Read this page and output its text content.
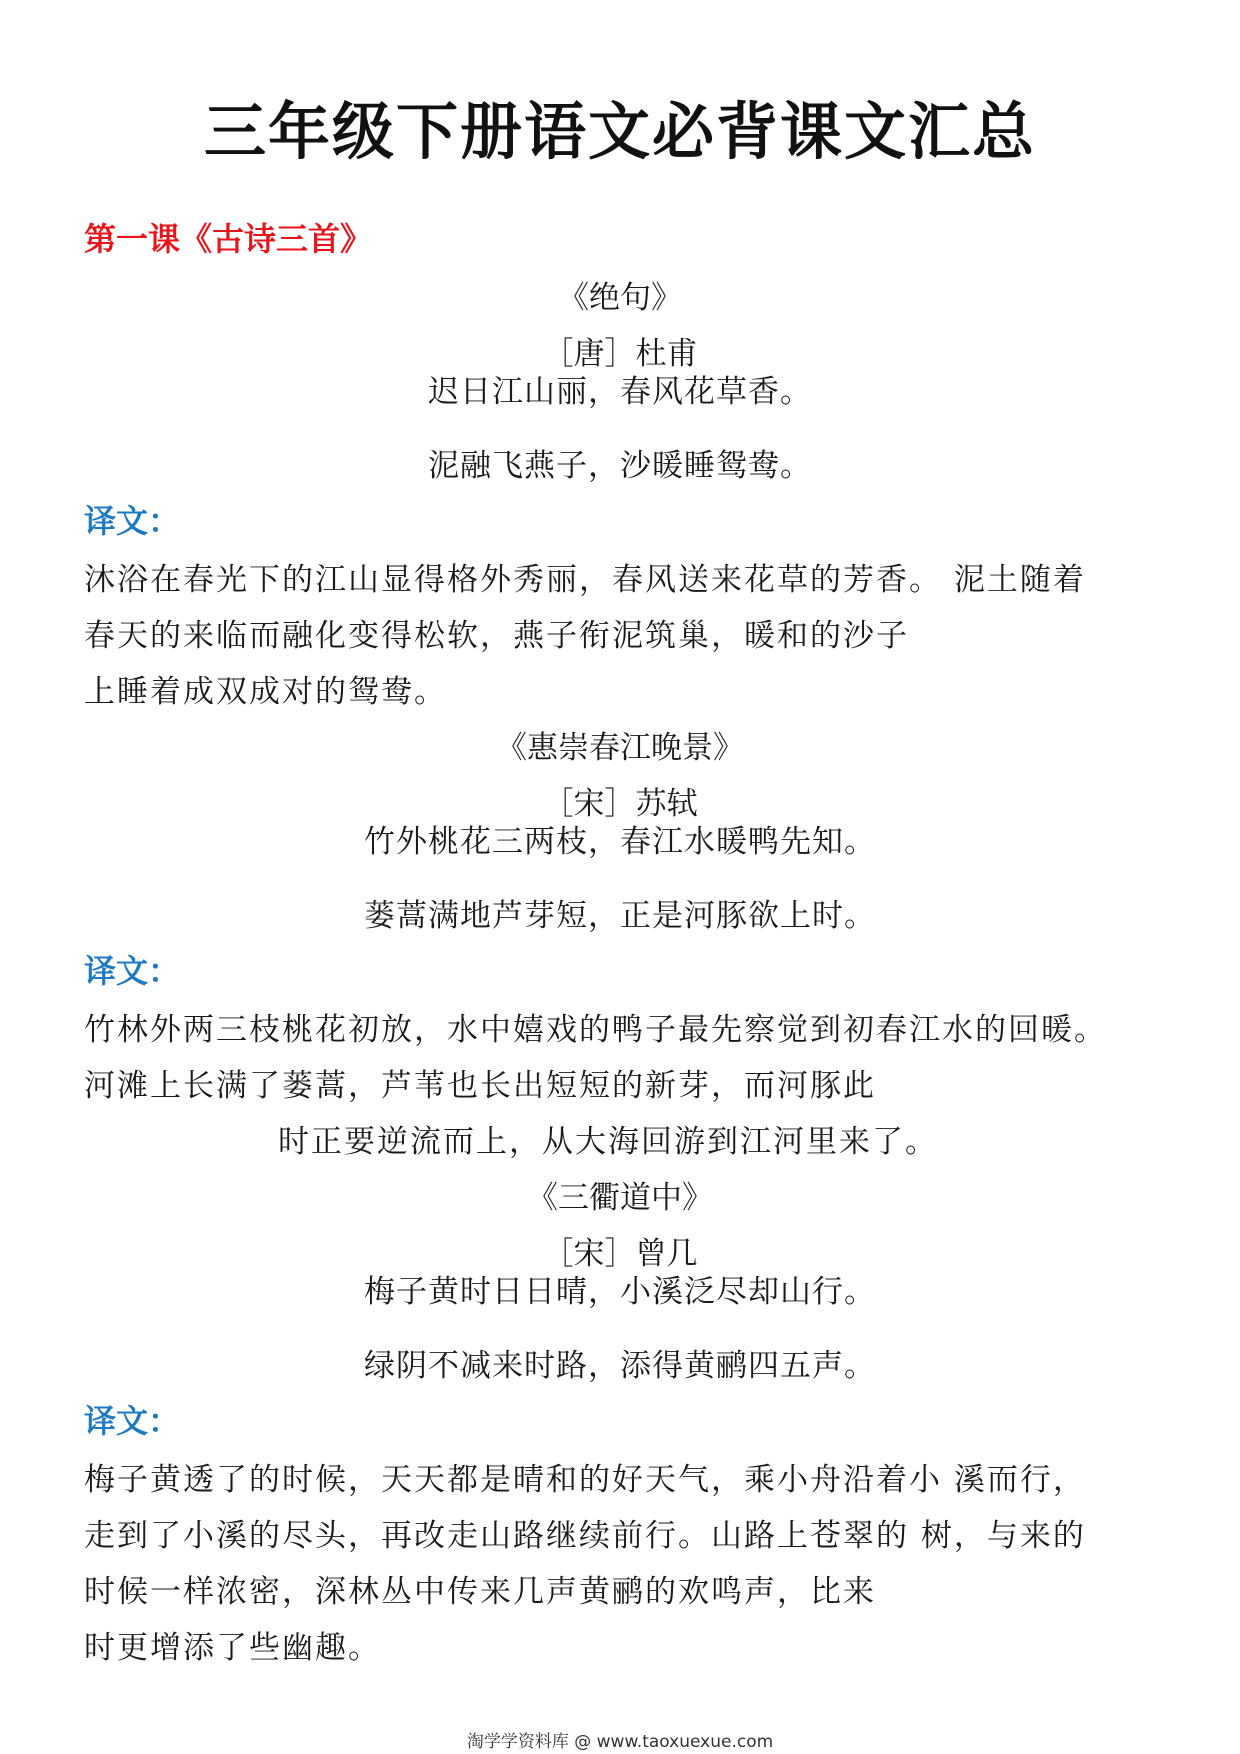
三年级下册语文必背课文汇总
第一课《古诗三首》
《绝句》
［唐］杜甫
迟日江山丽，春风花草香。
泥融飞燕子，沙暖睡鸳鸯。
译文：
沐浴在春光下的江山显得格外秀丽，春风送来花草的芳香。 泥土随着
春天的来临而融化变得松软，燕子衔泥筑巢，暖和的沙子
上睡着成双成对的鸳鸯。
《惠崇春江晚景》
［宋］苏轼
竹外桃花三两枝，春江水暖鸭先知。
蒌蒿满地芦芽短，正是河豚欲上时。
译文：
竹林外两三枝桃花初放，水中嬉戏的鸭子最先察觉到初春江水的回暖。
河滩上长满了蒌蒿，芦苇也长出短短的新芽，而河豚此
时正要逆流而上，从大海回游到江河里来了。
《三衢道中》
［宋］曾几
梅子黄时日日晴，小溪泛尽却山行。
绿阴不减来时路，添得黄鹂四五声。
译文：
梅子黄透了的时候，天天都是晴和的好天气，乘小舟沿着小 溪而行，
走到了小溪的尽头，再改走山路继续前行。山路上苍翠的 树，与来的
时候一样浓密，深林丛中传来几声黄鹂的欢鸣声，比来
时更增添了些幽趣。
淘学学资料库 @ www.taoxuexue.com
